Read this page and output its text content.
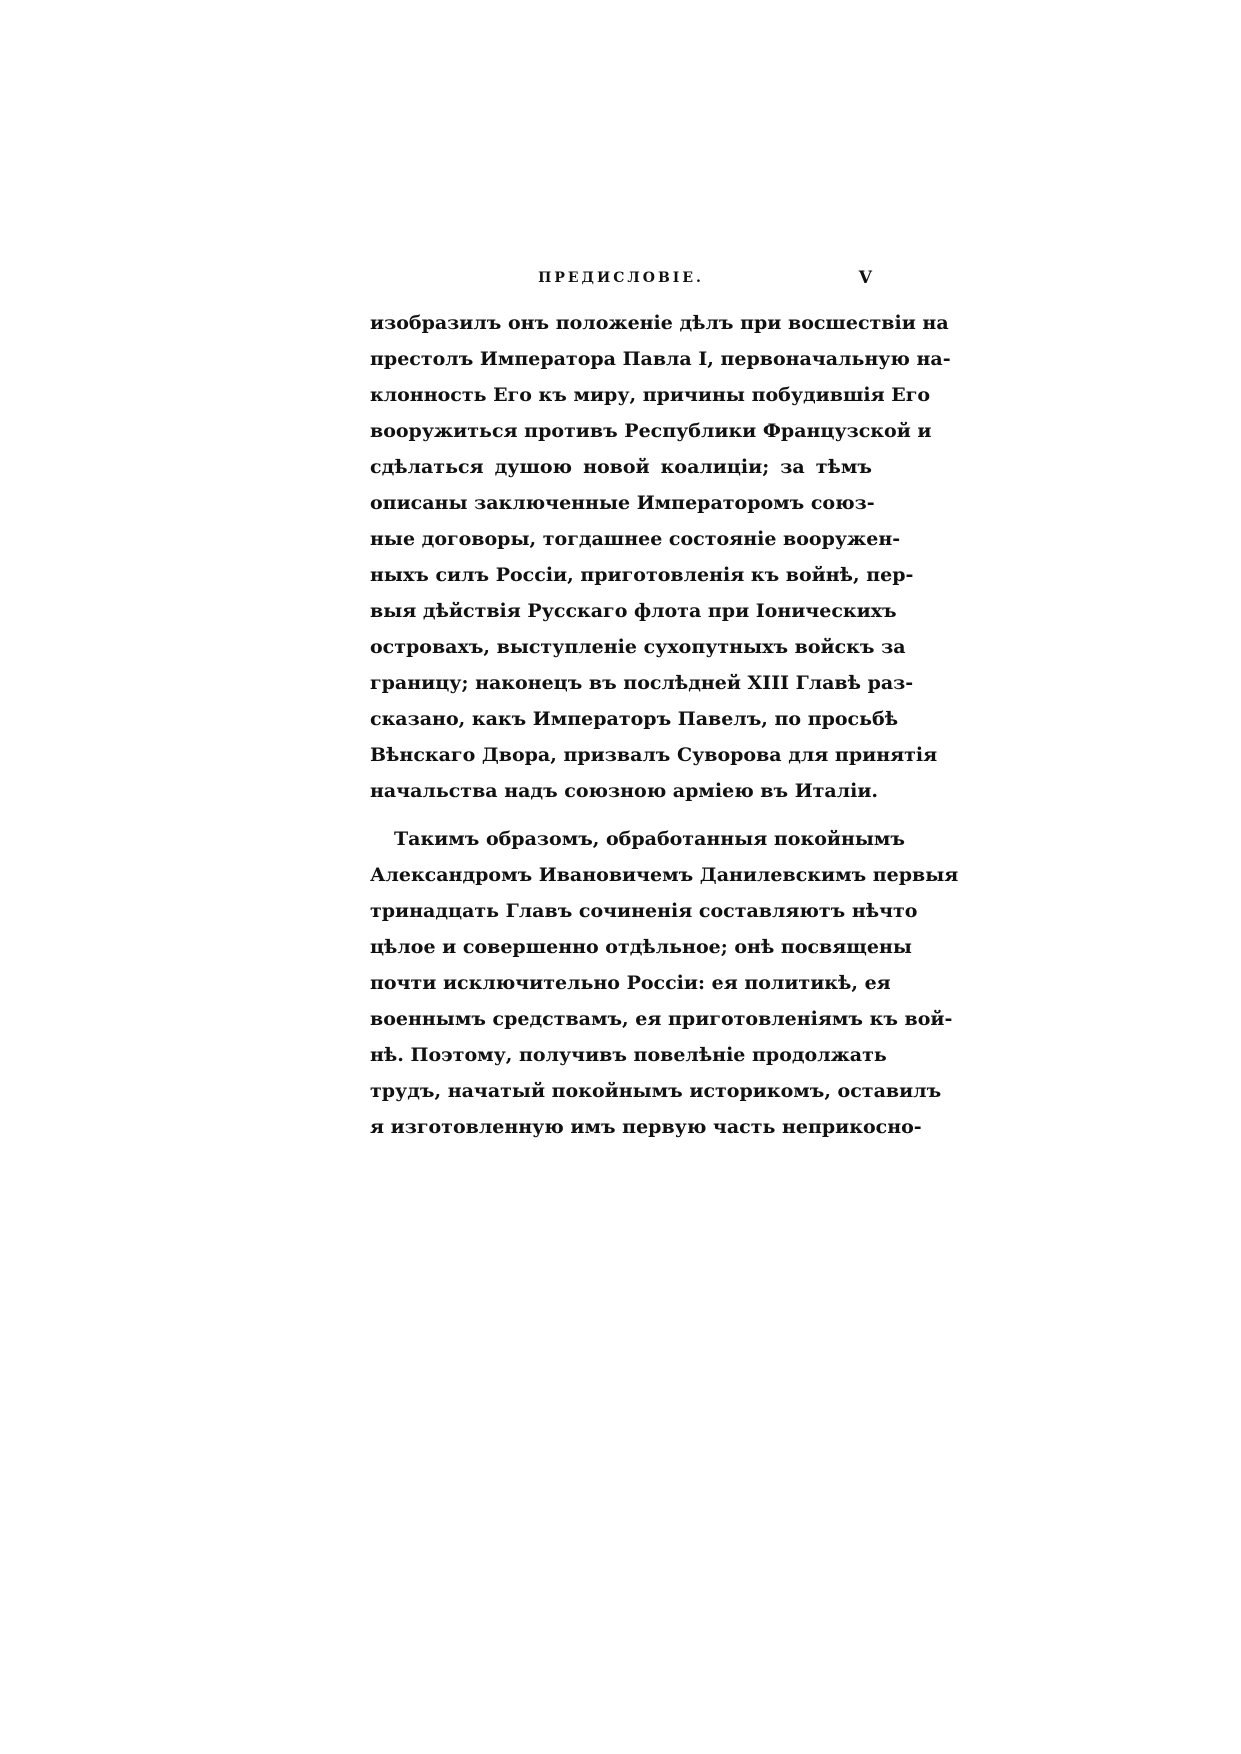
ПРЕДИСЛОВІЕ.	V
изобразилъ онъ положеніе дѣлъ при восшествіи на
престолъ Императора Павла I, первоначальную на-
клонность Его къ миру, причины побудившія Его
вооружиться противъ Республики Французской и
сдѣлаться душою новой коалиціи; за тѣмъ
описаны заключенные Императоромъ союз-
ные договоры, тогдашнее состояніе вооружен-
ныхъ силъ Россіи, приготовленія къ войнѣ, пер-
выя дѣйствія Русскаго флота при Іоническихъ
островахъ, выступленіе сухопутныхъ войскъ за
границу; наконецъ въ послѣдней XIII Главѣ раз-
сказано, какъ Императоръ Павелъ, по просьбѣ
Вѣнскаго Двора, призвалъ Суворова для принятія
начальства надъ союзною арміею въ Италіи.
Такимъ образомъ, обработанныя покойнымъ
Александромъ Ивановичемъ Данилевскимъ первыя
тринадцать Главъ сочиненія составляютъ нѣчто
цѣлое и совершенно отдѣльное; онѣ посвящены
почти исключительно Россіи: ея политикѣ, ея
военнымъ средствамъ, ея приготовленіямъ къ вой-
нѣ. Поэтому, получивъ повелѣніе продолжать
трудъ, начатый покойнымъ историкомъ, оставилъ
я изготовленную имъ первую часть неприкосно-
